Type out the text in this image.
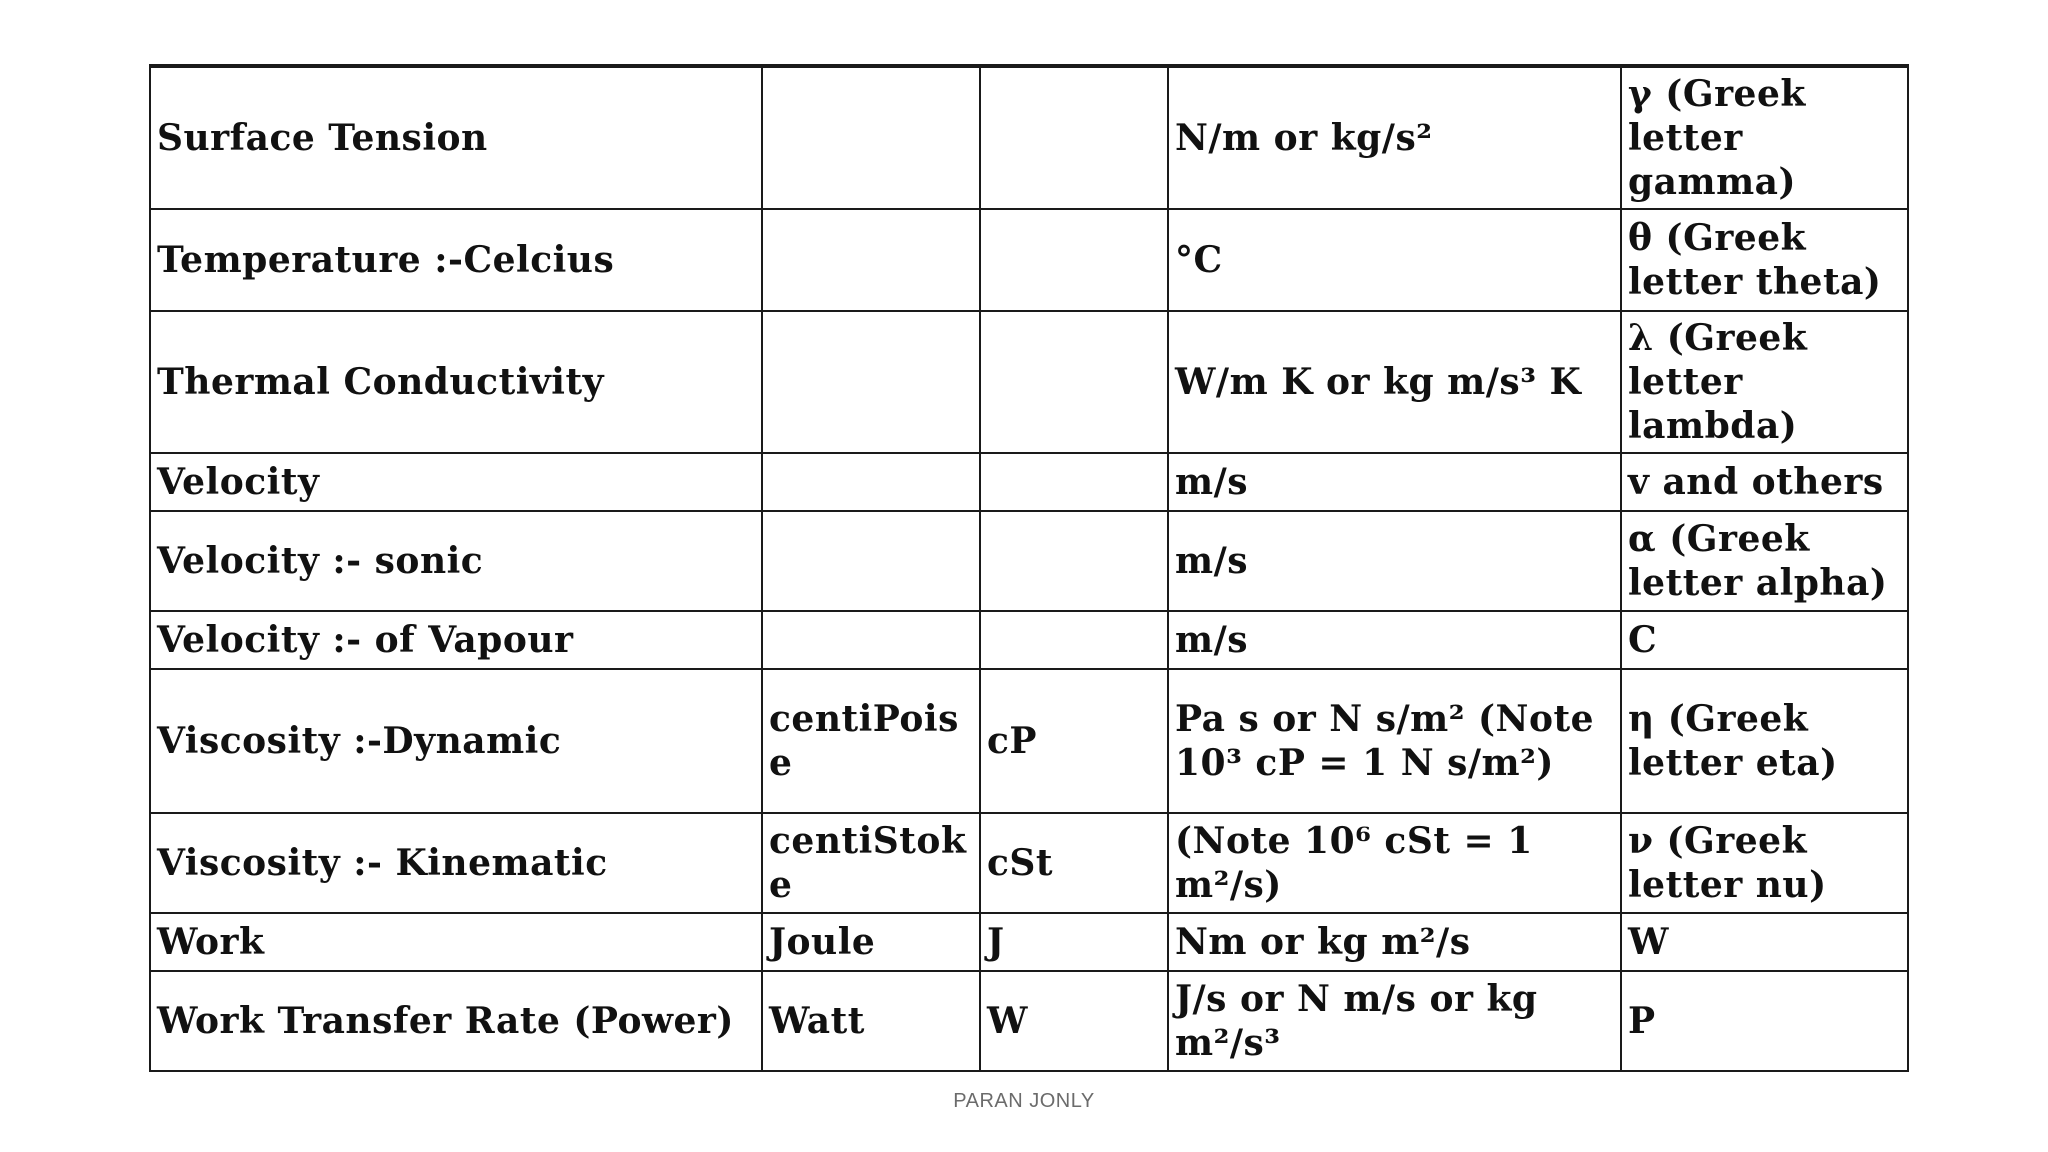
Surface Tension			N/m or kg/s²	γ (Greek letter gamma)
Temperature :-Celcius			°C	θ (Greek letter theta)
Thermal Conductivity			W/m K or kg m/s³ K	λ (Greek letter lambda)
Velocity			m/s	v and others
Velocity :- sonic			m/s	α (Greek letter alpha)
Velocity :- of Vapour			m/s	C
Viscosity :-Dynamic	centiPoise	cP	Pa s or N s/m² (Note 10³ cP = 1 N s/m²)	η (Greek letter eta)
Viscosity :- Kinematic	centiStoke	cSt	(Note 10⁶ cSt = 1 m²/s)	ν (Greek letter nu)
Work	Joule	J	Nm or kg m²/s	W
Work Transfer Rate (Power)	Watt	W	J/s or N m/s or kg m²/s³	P
PARAN JONLY
